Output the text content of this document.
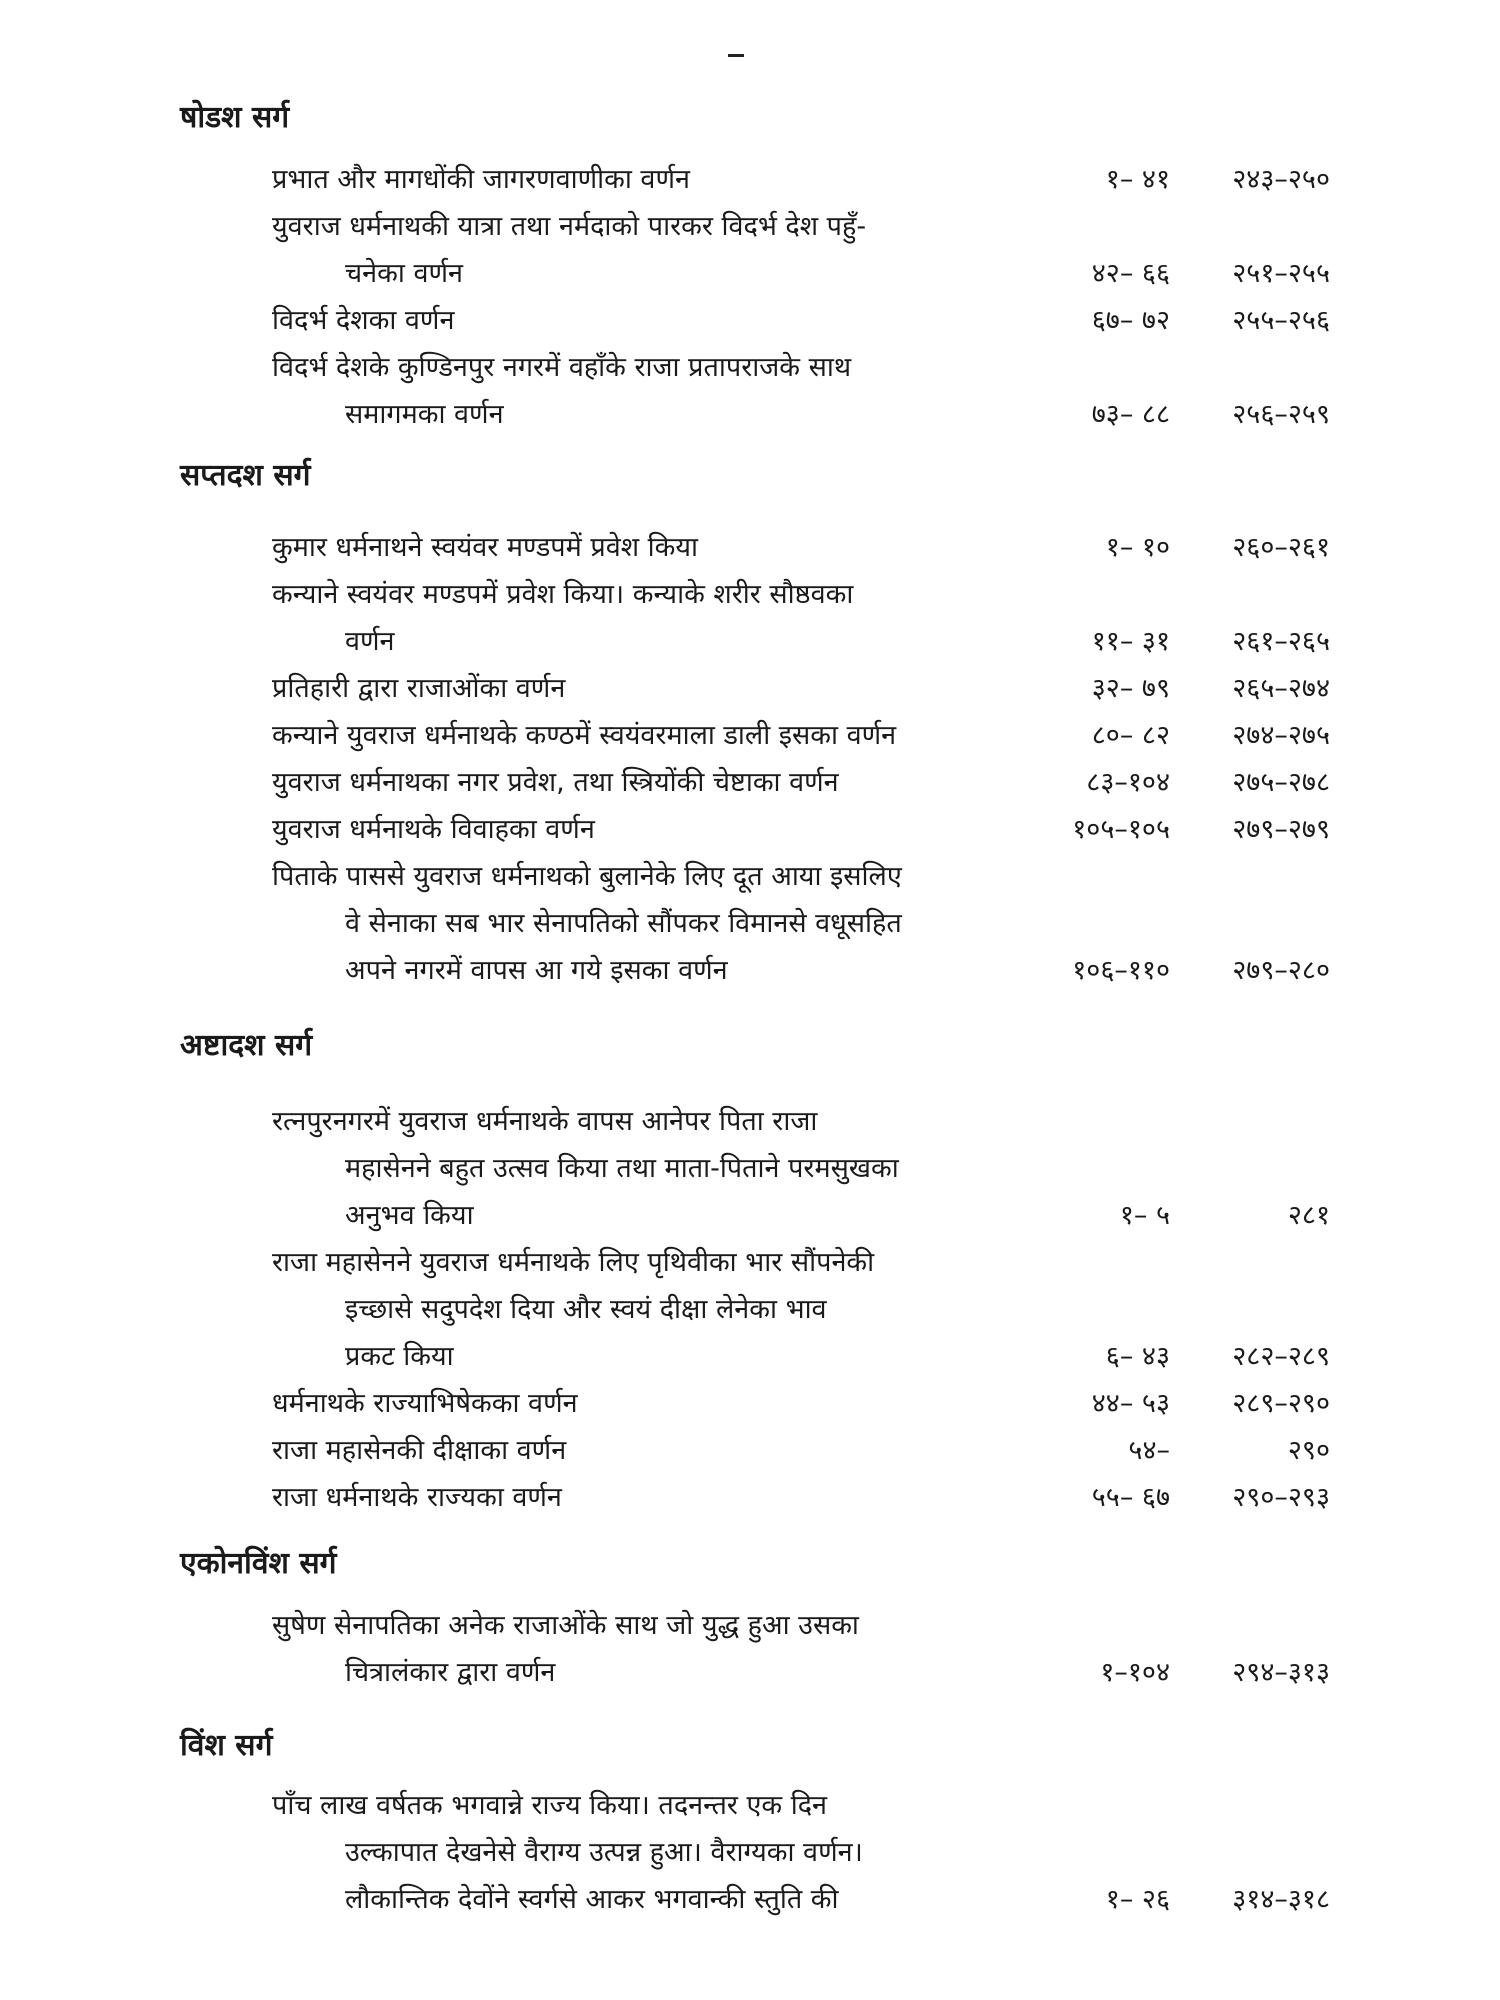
षोडश सर्ग
प्रभात और मागधोंकी जागरणवाणीका वर्णन	१– ४१	२४३–२५०
युवराज धर्मनाथकी यात्रा तथा नर्मदाको पारकर विदर्भ देश पहुँ-
चनेका वर्णन	४२– ६६	२५१–२५५
विदर्भ देशका वर्णन	६७– ७२	२५५–२५६
विदर्भ देशके कुण्डिनपुर नगरमें वहाँके राजा प्रतापराजके साथ
समागमका वर्णन	७३– ८८	२५६–२५९
सप्तदश सर्ग
कुमार धर्मनाथने स्वयंवर मण्डपमें प्रवेश किया	१– १०	२६०–२६१
कन्याने स्वयंवर मण्डपमें प्रवेश किया। कन्याके शरीर सौष्ठवका
वर्णन	११– ३१	२६१–२६५
प्रतिहारी द्वारा राजाओंका वर्णन	३२– ७९	२६५–२७४
कन्याने युवराज धर्मनाथके कण्ठमें स्वयंवरमाला डाली इसका वर्णन	८०– ८२	२७४–२७५
युवराज धर्मनाथका नगर प्रवेश, तथा स्त्रियोंकी चेष्टाका वर्णन	८३–१०४	२७५–२७८
युवराज धर्मनाथके विवाहका वर्णन	१०५–१०५	२७९–२७९
पिताके पाससे युवराज धर्मनाथको बुलानेके लिए दूत आया इसलिए
वे सेनाका सब भार सेनापतिको सौंपकर विमानसे वधूसहित
अपने नगरमें वापस आ गये इसका वर्णन	१०६–११०	२७९–२८०
अष्टादश सर्ग
रत्नपुरनगरमें युवराज धर्मनाथके वापस आनेपर पिता राजा
महासेनने बहुत उत्सव किया तथा माता-पिताने परमसुखका
अनुभव किया	१– ५	२८१
राजा महासेनने युवराज धर्मनाथके लिए पृथिवीका भार सौंपनेकी
इच्छासे सदुपदेश दिया और स्वयं दीक्षा लेनेका भाव
प्रकट किया	६– ४३	२८२–२८९
धर्मनाथके राज्याभिषेकका वर्णन	४४– ५३	२८९–२९०
राजा महासेनकी दीक्षाका वर्णन	५४–	२९०
राजा धर्मनाथके राज्यका वर्णन	५५– ६७	२९०–२९३
एकोनविंश सर्ग
सुषेण सेनापतिका अनेक राजाओंके साथ जो युद्ध हुआ उसका
चित्रालंकार द्वारा वर्णन	१–१०४	२९४–३१३
विंश सर्ग
पाँच लाख वर्षतक भगवान्ने राज्य किया। तदनन्तर एक दिन
उल्कापात देखनेसे वैराग्य उत्पन्न हुआ। वैराग्यका वर्णन।
लौकान्तिक देवोंने स्वर्गसे आकर भगवान्की स्तुति की	१– २६	३१४–३१८
